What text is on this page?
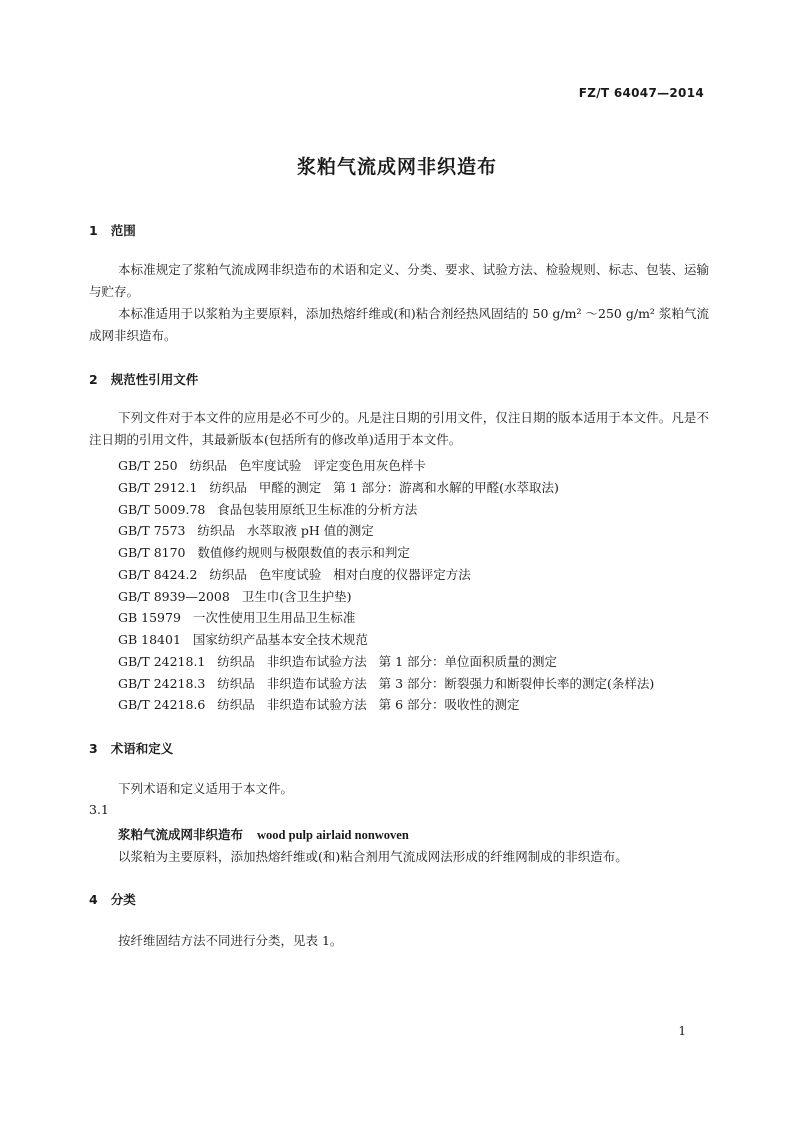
FZ/T 64047—2014
浆粕气流成网非织造布
1   范围
本标准规定了浆粕气流成网非织造布的术语和定义、分类、要求、试验方法、检验规则、标志、包装、运输与贮存。
本标准适用于以浆粕为主要原料，添加热熔纤维或(和)粘合剂经热风固结的 50 g/m² ～250 g/m² 浆粕气流成网非织造布。
2   规范性引用文件
下列文件对于本文件的应用是必不可少的。凡是注日期的引用文件，仅注日期的版本适用于本文件。凡是不注日期的引用文件，其最新版本(包括所有的修改单)适用于本文件。
GB/T 250   纺织品   色牢度试验   评定变色用灰色样卡
GB/T 2912.1   纺织品   甲醛的测定   第 1 部分：游离和水解的甲醛(水萃取法)
GB/T 5009.78   食品包装用原纸卫生标准的分析方法
GB/T 7573   纺织品   水萃取液 pH 值的测定
GB/T 8170   数值修约规则与极限数值的表示和判定
GB/T 8424.2   纺织品   色牢度试验   相对白度的仪器评定方法
GB/T 8939—2008   卫生巾(含卫生护垫)
GB 15979   一次性使用卫生用品卫生标准
GB 18401   国家纺织产品基本安全技术规范
GB/T 24218.1   纺织品   非织造布试验方法   第 1 部分：单位面积质量的测定
GB/T 24218.3   纺织品   非织造布试验方法   第 3 部分：断裂强力和断裂伸长率的测定(条样法)
GB/T 24218.6   纺织品   非织造布试验方法   第 6 部分：吸收性的测定
3   术语和定义
下列术语和定义适用于本文件。
3.1
浆粕气流成网非织造布 wood pulp airlaid nonwoven
以浆粕为主要原料，添加热熔纤维或(和)粘合剂用气流成网法形成的纤维网制成的非织造布。
4   分类
按纤维固结方法不同进行分类，见表 1。
1
